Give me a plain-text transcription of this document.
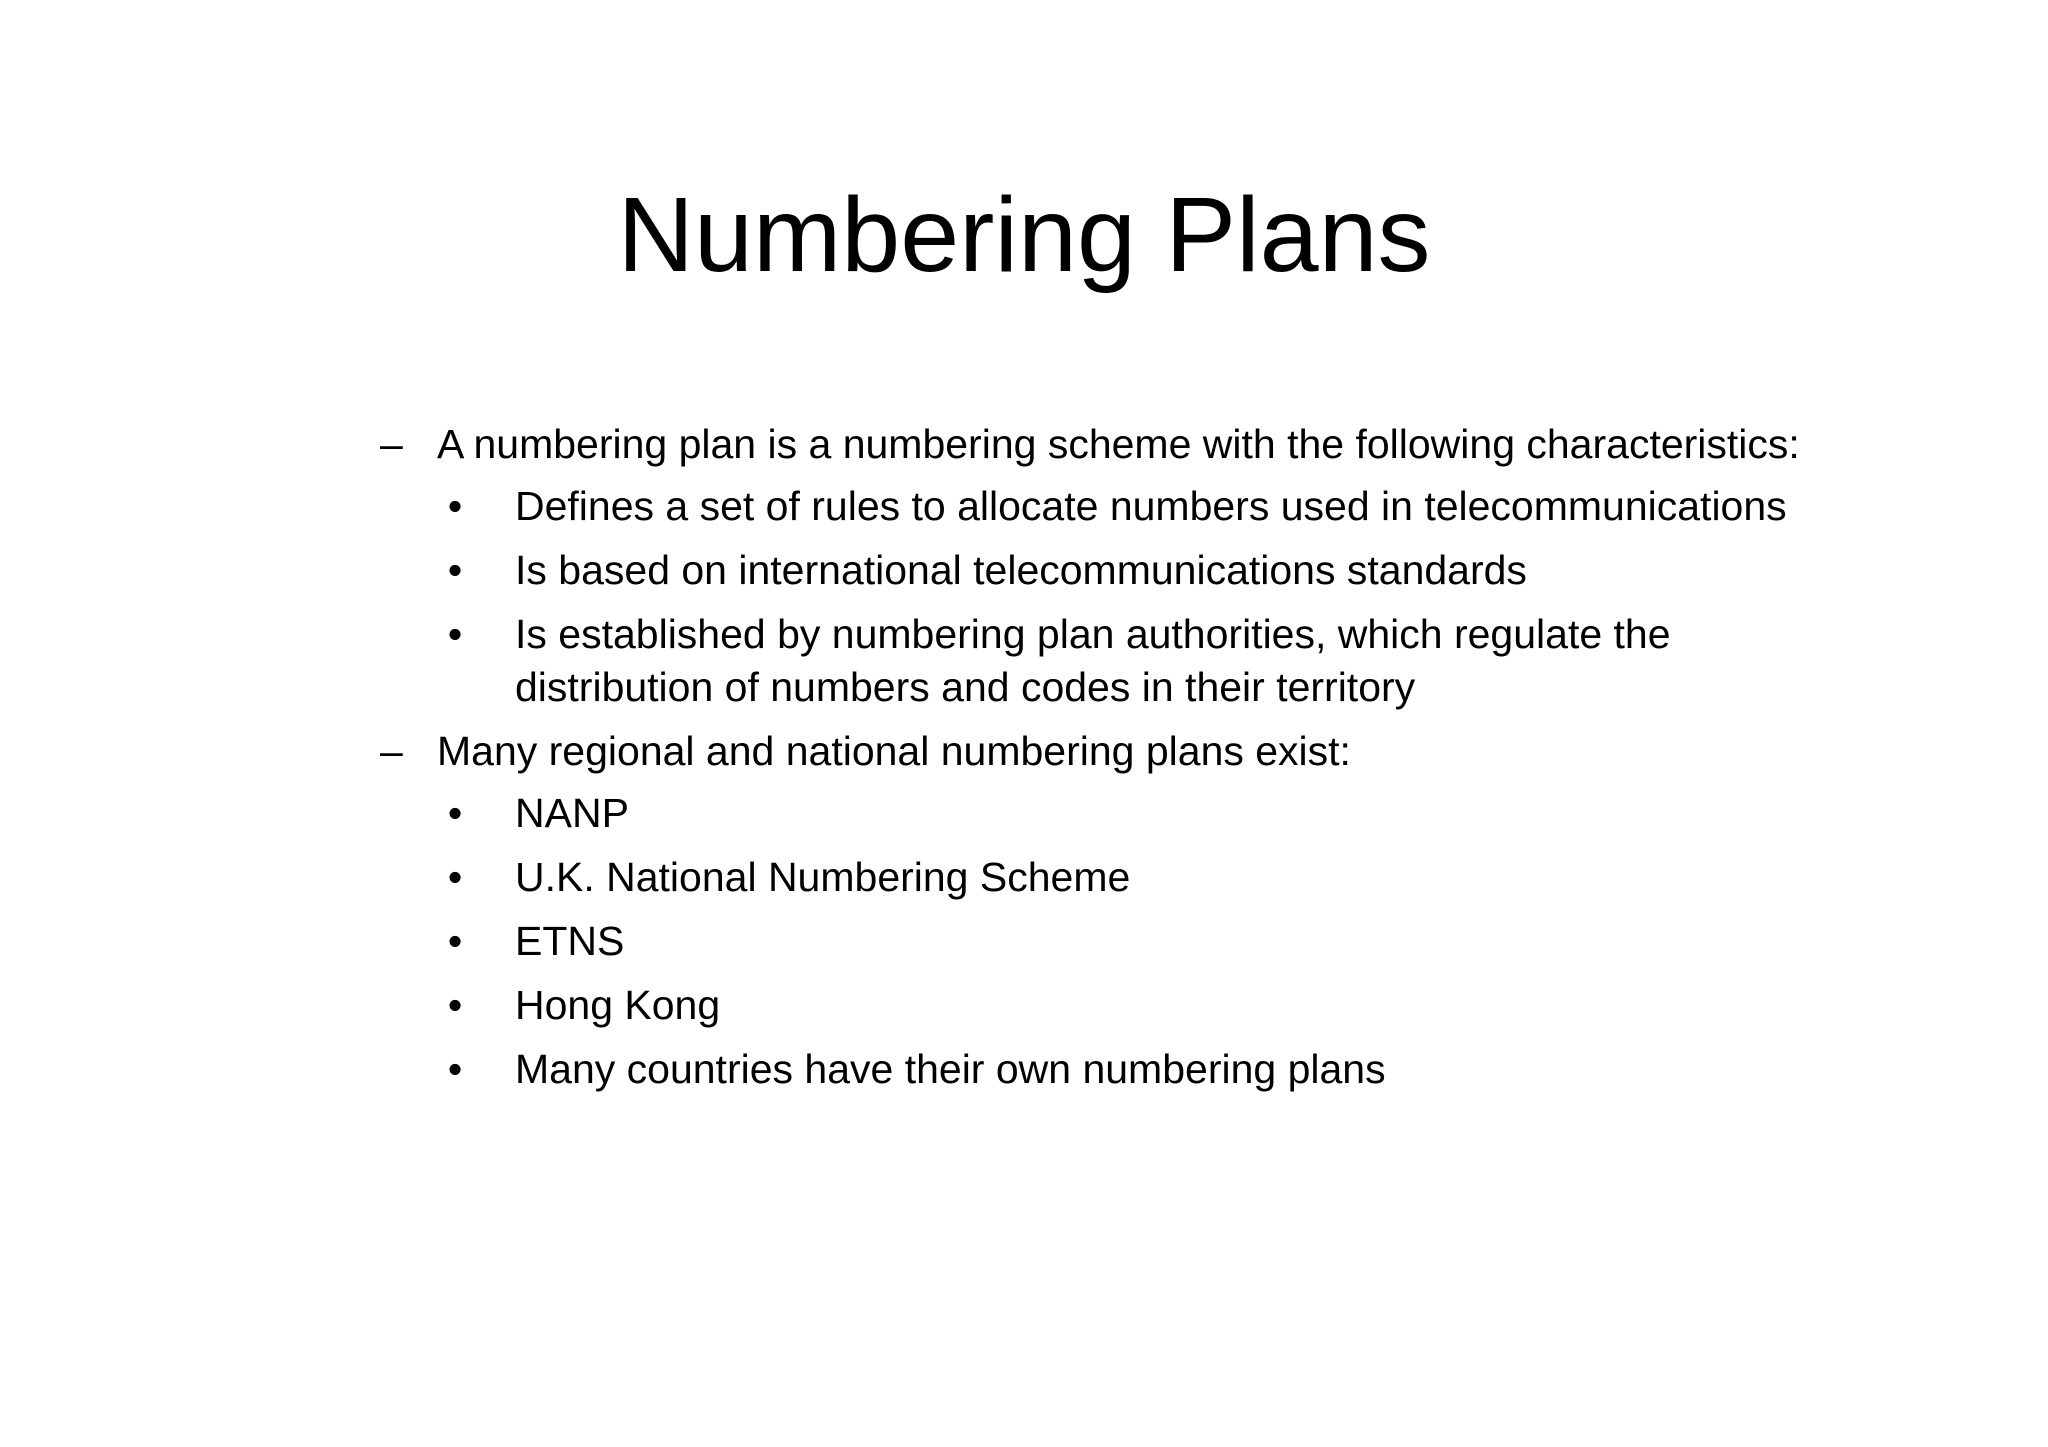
Numbering Plans
– A numbering plan is a numbering scheme with the following characteristics:
•	Defines a set of rules to allocate numbers used in telecommunications
•	Is based on international telecommunications standards
•	Is established by numbering plan authorities, which regulate the distribution of numbers and codes in their territory
– Many regional and national numbering plans exist:
•	NANP
•	U.K. National Numbering Scheme
•	ETNS
•	Hong Kong
•	Many countries have their own numbering plans
